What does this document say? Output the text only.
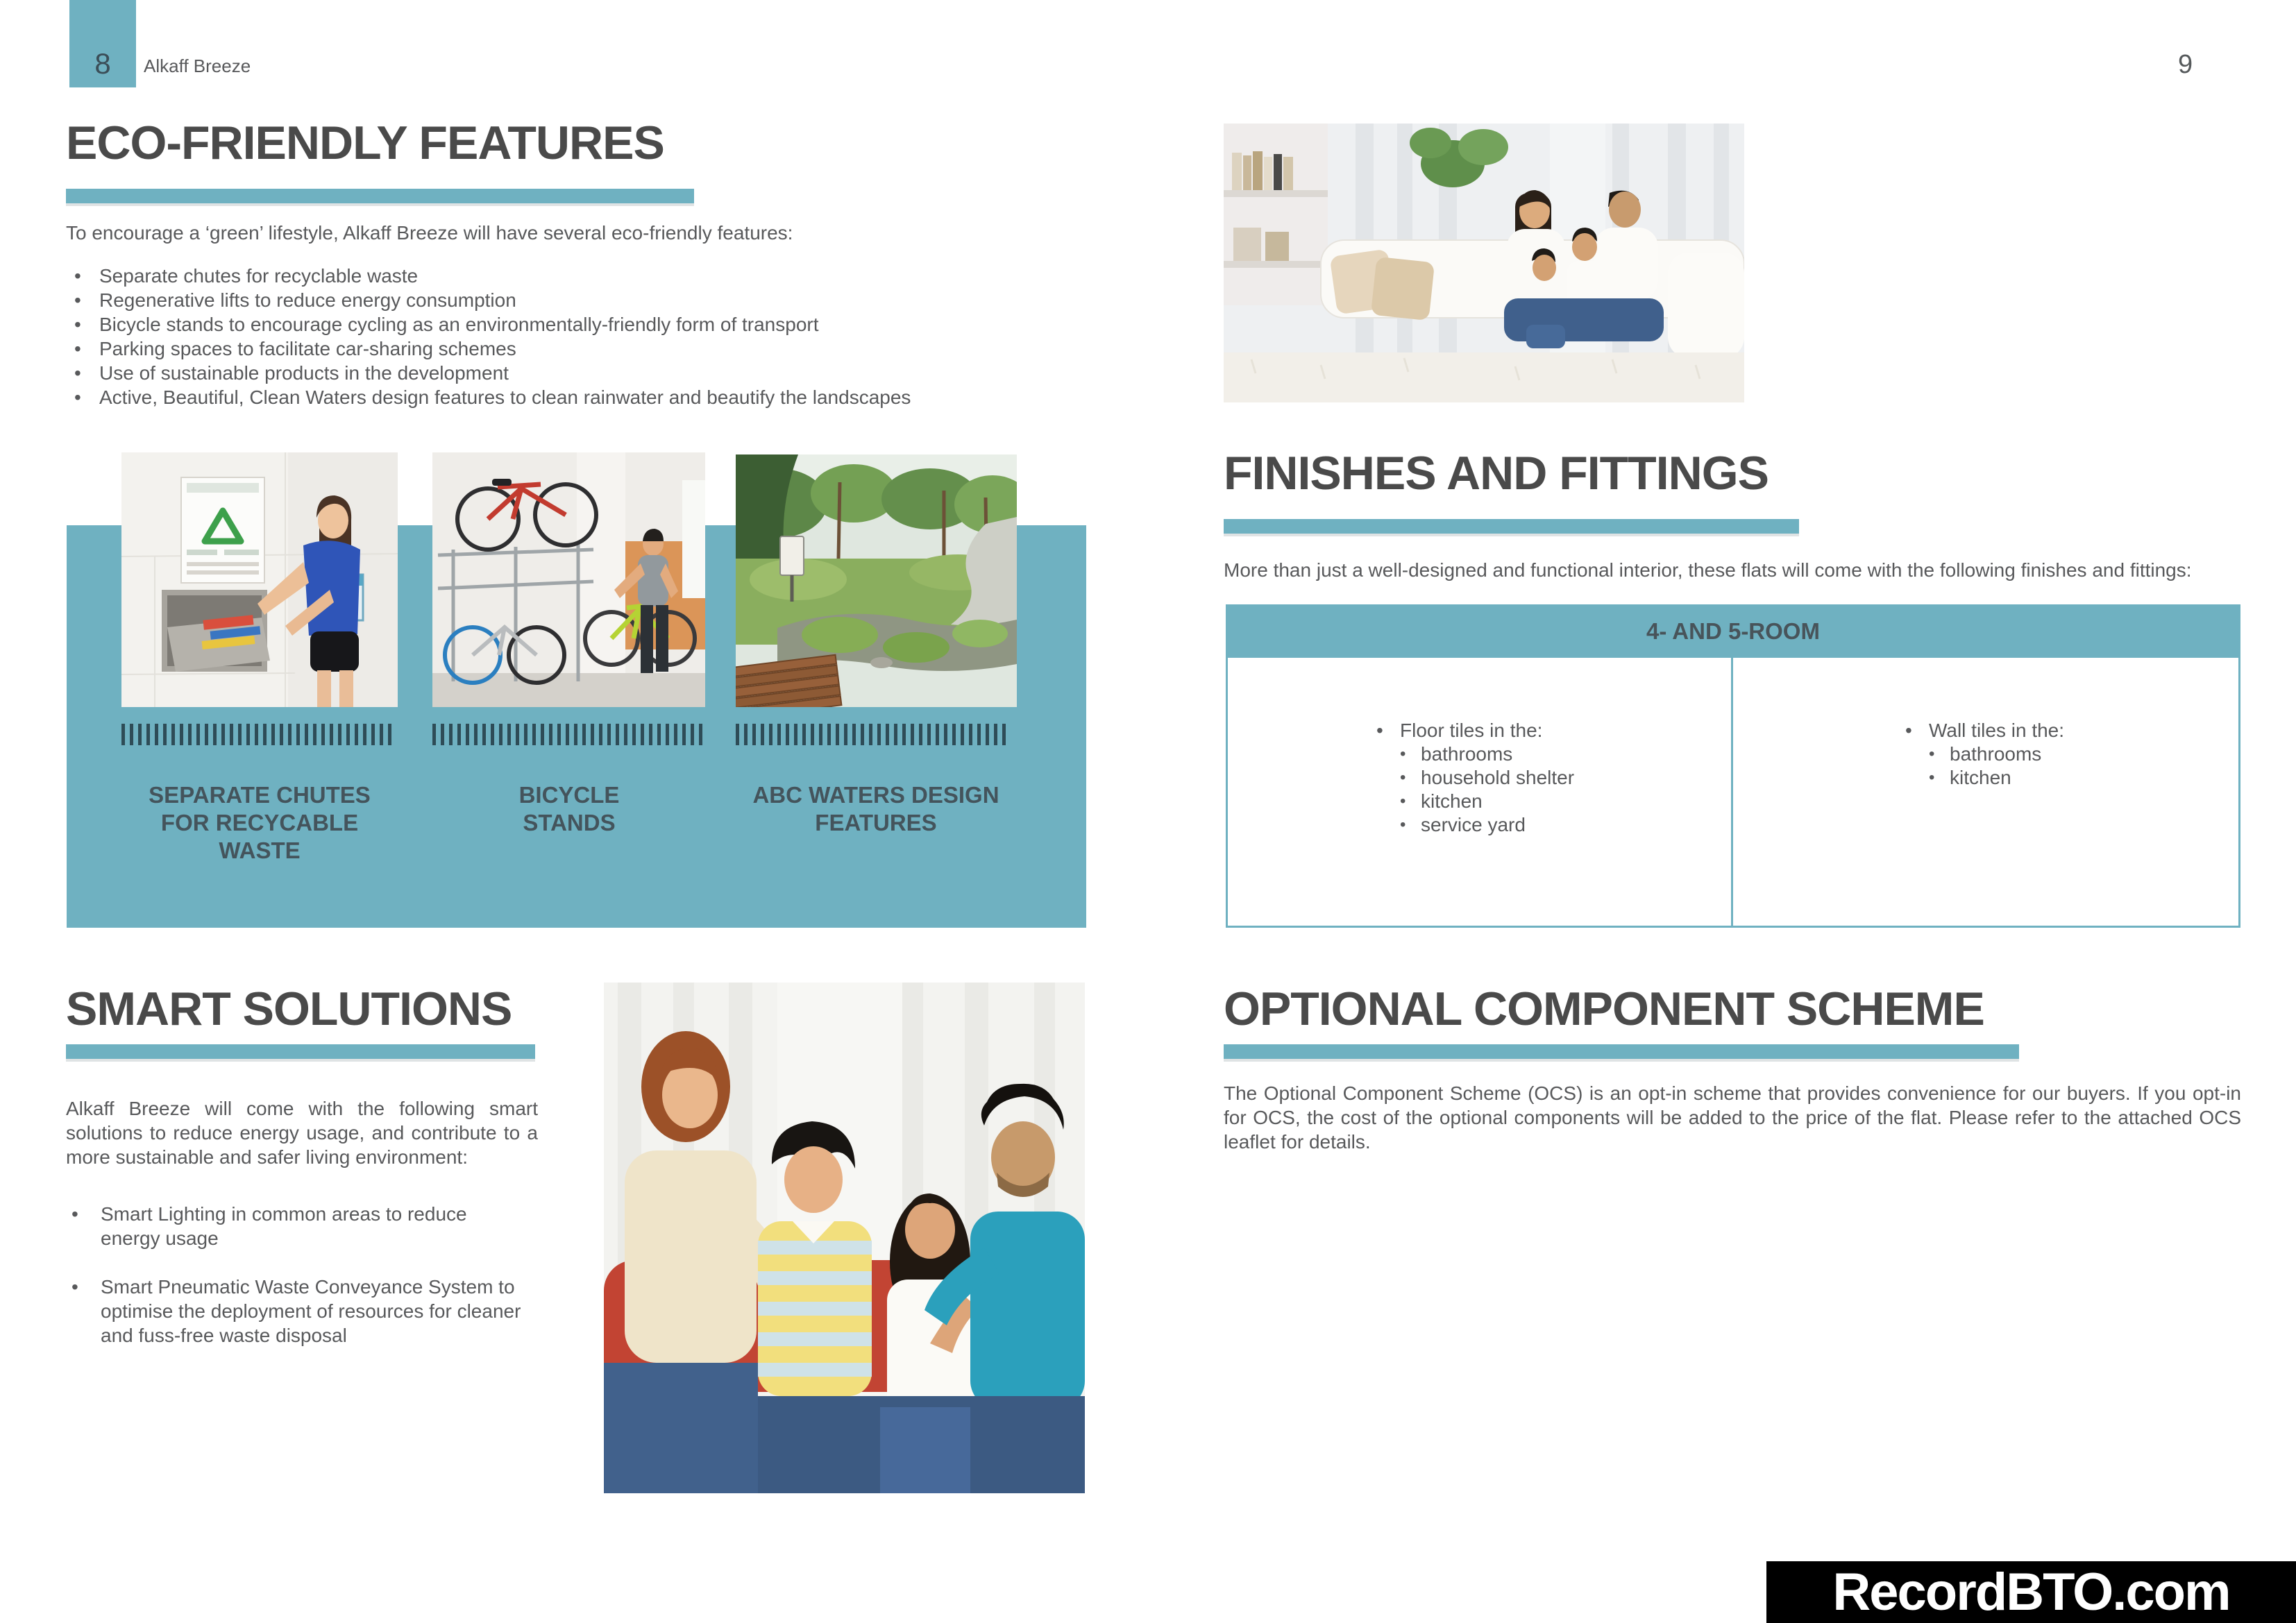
8 Alkaff Breeze	9
ECO-FRIENDLY FEATURES

To encourage a ‘green’ lifestyle, Alkaff Breeze will have several eco-friendly features:

• Separate chutes for recyclable waste
• Regenerative lifts to reduce energy consumption
• Bicycle stands to encourage cycling as an environmentally-friendly form of transport
• Parking spaces to facilitate car-sharing schemes
• Use of sustainable products in the development
• Active, Beautiful, Clean Waters design features to clean rainwater and beautify the landscapes
SEPARATE CHUTES FOR RECYCABLE WASTE
BICYCLE STANDS
ABC WATERS DESIGN FEATURES
SMART SOLUTIONS

Alkaff Breeze will come with the following smart solutions to reduce energy usage, and contribute to a more sustainable and safer living environment:

• Smart Lighting in common areas to reduce energy usage
• Smart Pneumatic Waste Conveyance System to optimise the deployment of resources for cleaner and fuss-free waste disposal
FINISHES AND FITTINGS

More than just a well-designed and functional interior, these flats will come with the following finishes and fittings:

4- AND 5-ROOM
• Floor tiles in the:
• bathrooms
• household shelter
• kitchen
• service yard
• Wall tiles in the:
• bathrooms
• kitchen
OPTIONAL COMPONENT SCHEME

The Optional Component Scheme (OCS) is an opt-in scheme that provides convenience for our buyers. If you opt-in for OCS, the cost of the optional components will be added to the price of the flat. Please refer to the attached OCS leaflet for details.

RecordBTO.com
